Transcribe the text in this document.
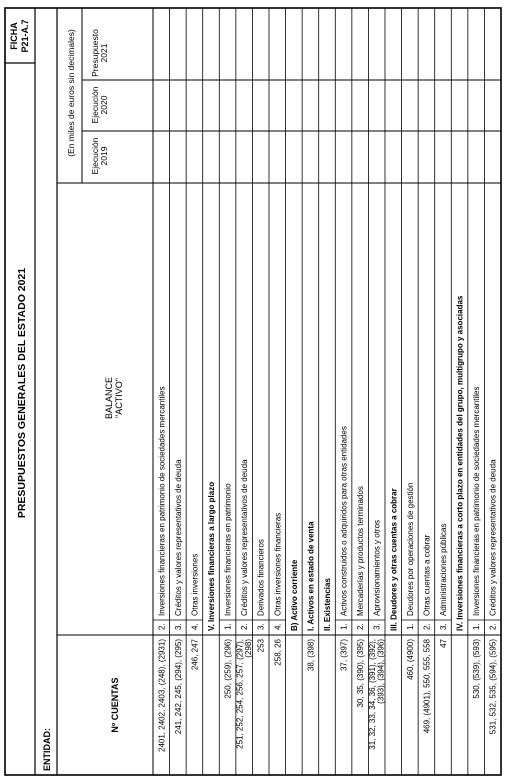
FICHA P21-A.7
PRESUPUESTOS GENERALES DEL ESTADO 2021
ENTIDAD:
(En miles de euros sin decimales)
Nº CUENTAS
BALANCE "ACTIVO"
Ejecución 2019
Ejecución 2020
Presupuesto 2021
2401, 2402, 2403, (248), (2931)
2.
Inversiones financieras en patrimonio de sociedades mercantiles
241, 242, 245, (294), (295)
3.
Créditos y valores representativos de deuda
246, 247
4.
Otras inversiones V. Inversiones financieras a largo plazo
250, (259), (296)
1.
Inversiones financieras en patrimonio
251, 252, 254, 256, 257, (297), (298)
2.
Créditos y valores representativos de deuda
253
3.
Derivados financieros
258, 26
4.
Otras inversiones financieras B) Activo corriente
38, (398)
I. Activos en estado de venta II. Existencias
37, (397)
1.
Activos construidos o adquiridos para otras entidades
30, 35, (390), (395)
2.
Mercaderías y productos terminados
31, 32, 33, 34, 36, (391), (392), (393), (394), (396)
3.
Aprovisionamientos y otros III. Deudores y otras cuentas a cobrar
460, (4900)
1.
Deudores por operaciones de gestión
469, (4901), 550, 555, 558
2.
Otras cuentas a cobrar
47
3.
Administraciones públicas IV. Inversiones financieras a corto plazo en entidades del grupo, multigrupo y asociadas
530, (539), (593)
1.
Inversiones financieras en patrimonio de sociedades mercantiles
531, 532, 535, (594), (595)
2.
Créditos y valores representativos de deuda
